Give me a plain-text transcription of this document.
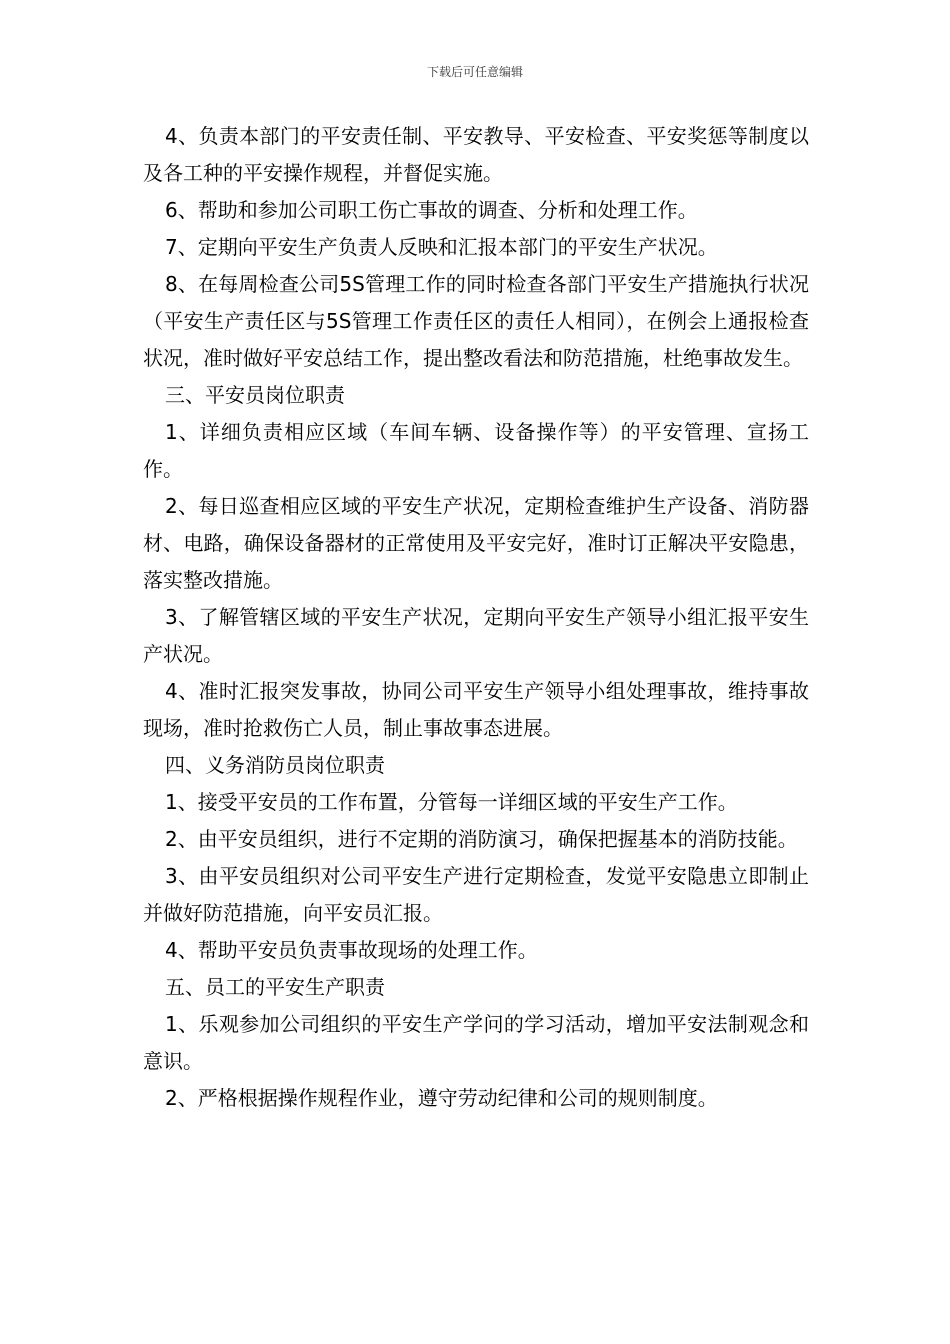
下载后可任意编辑

4、负责本部门的平安责任制、平安教导、平安检查、平安奖惩等制度以及各工种的平安操作规程，并督促实施。

6、帮助和参加公司职工伤亡事故的调查、分析和处理工作。

7、定期向平安生产负责人反映和汇报本部门的平安生产状况。

8、在每周检查公司5S管理工作的同时检查各部门平安生产措施执行状况（平安生产责任区与5S管理工作责任区的责任人相同），在例会上通报检查状况，准时做好平安总结工作，提出整改看法和防范措施，杜绝事故发生。

三、平安员岗位职责

1、详细负责相应区域（车间车辆、设备操作等）的平安管理、宣扬工作。

2、每日巡查相应区域的平安生产状况，定期检查维护生产设备、消防器材、电路，确保设备器材的正常使用及平安完好，准时订正解决平安隐患，落实整改措施。

3、了解管辖区域的平安生产状况，定期向平安生产领导小组汇报平安生产状况。

4、准时汇报突发事故，协同公司平安生产领导小组处理事故，维持事故现场，准时抢救伤亡人员，制止事故事态进展。

四、义务消防员岗位职责

1、接受平安员的工作布置，分管每一详细区域的平安生产工作。

2、由平安员组织，进行不定期的消防演习，确保把握基本的消防技能。

3、由平安员组织对公司平安生产进行定期检查，发觉平安隐患立即制止并做好防范措施，向平安员汇报。

4、帮助平安员负责事故现场的处理工作。

五、员工的平安生产职责

1、乐观参加公司组织的平安生产学问的学习活动，增加平安法制观念和意识。

2、严格根据操作规程作业，遵守劳动纪律和公司的规则制度。
